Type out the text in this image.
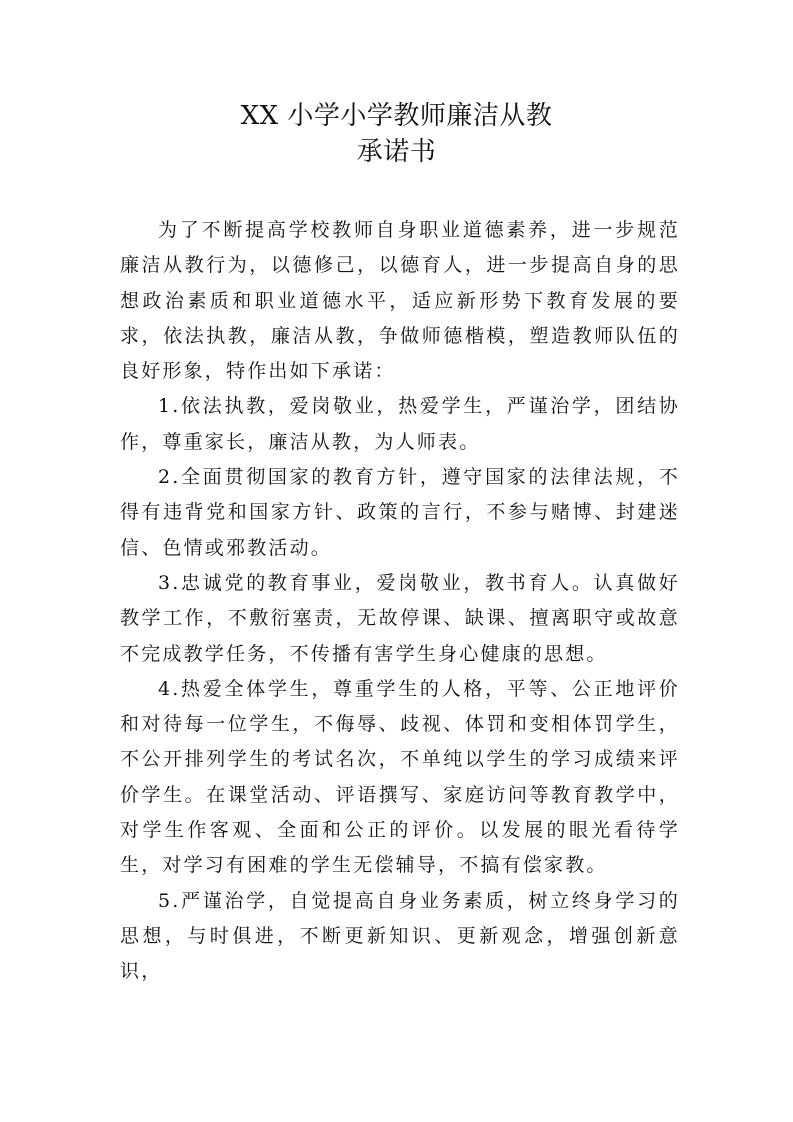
XX 小学小学教师廉洁从教
承诺书

为了不断提高学校教师自身职业道德素养，进一步规范廉洁从教行为，以德修己，以德育人，进一步提高自身的思想政治素质和职业道德水平，适应新形势下教育发展的要求，依法执教，廉洁从教，争做师德楷模，塑造教师队伍的良好形象，特作出如下承诺：

1.依法执教，爱岗敬业，热爱学生，严谨治学，团结协作，尊重家长，廉洁从教，为人师表。

2.全面贯彻国家的教育方针，遵守国家的法律法规，不得有违背党和国家方针、政策的言行，不参与赌博、封建迷信、色情或邪教活动。

3.忠诚党的教育事业，爱岗敬业，教书育人。认真做好教学工作，不敷衍塞责，无故停课、缺课、擅离职守或故意不完成教学任务，不传播有害学生身心健康的思想。

4.热爱全体学生，尊重学生的人格，平等、公正地评价和对待每一位学生，不侮辱、歧视、体罚和变相体罚学生，不公开排列学生的考试名次，不单纯以学生的学习成绩来评价学生。在课堂活动、评语撰写、家庭访问等教育教学中，对学生作客观、全面和公正的评价。以发展的眼光看待学生，对学习有困难的学生无偿辅导，不搞有偿家教。

5.严谨治学，自觉提高自身业务素质，树立终身学习的思想，与时俱进，不断更新知识、更新观念，增强创新意识，
